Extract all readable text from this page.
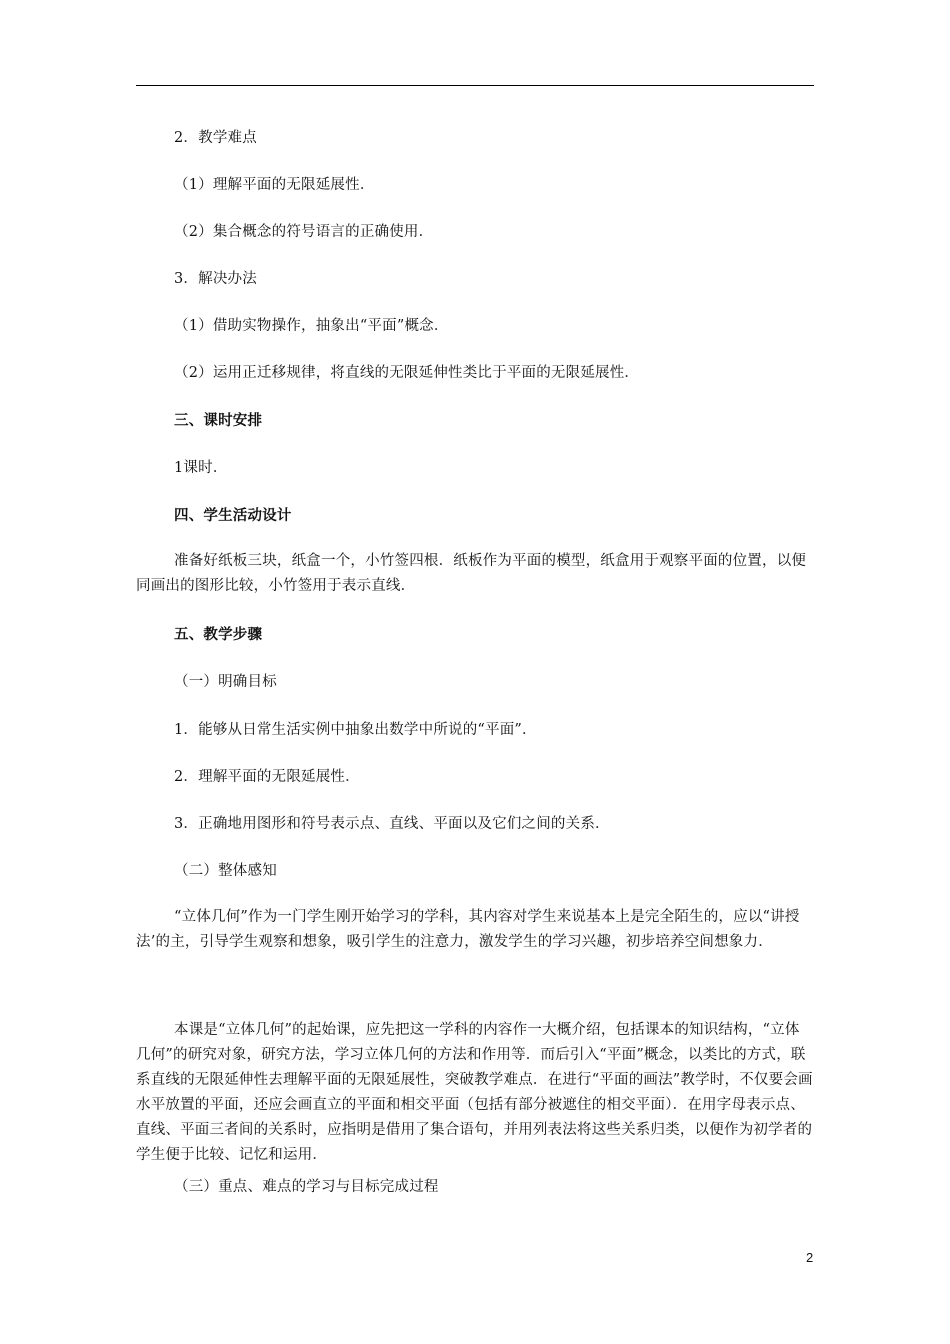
2．教学难点
（1）理解平面的无限延展性．
（2）集合概念的符号语言的正确使用．
3．解决办法
（1）借助实物操作，抽象出“平面”概念．
（2）运用正迁移规律，将直线的无限延伸性类比于平面的无限延展性．
三、课时安排
1课时．
四、学生活动设计

准备好纸板三块，纸盒一个，小竹签四根．纸板作为平面的模型，纸盒用于观察平面的位置，以便同画出的图形比较，小竹签用于表示直线．

五、教学步骤
（一）明确目标
1．能够从日常生活实例中抽象出数学中所说的“平面”．
2．理解平面的无限延展性．
3．正确地用图形和符号表示点、直线、平面以及它们之间的关系．
（二）整体感知

“立体几何”作为一门学生刚开始学习的学科，其内容对学生来说基本上是完全陌生的，应以“讲授法’的主，引导学生观察和想象，吸引学生的注意力，激发学生的学习兴趣，初步培养空间想象力．

本课是“立体几何”的起始课，应先把这一学科的内容作一大概介绍，包括课本的知识结构，“立体几何”的研究对象，研究方法，学习立体几何的方法和作用等．而后引入“平面”概念，以类比的方式，联系直线的无限延伸性去理解平面的无限延展性，突破教学难点．在进行“平面的画法”教学时，不仅要会画水平放置的平面，还应会画直立的平面和相交平面（包括有部分被遮住的相交平面）．在用字母表示点、直线、平面三者间的关系时，应指明是借用了集合语句，并用列表法将这些关系归类，以便作为初学者的学生便于比较、记忆和运用．

（三）重点、难点的学习与目标完成过程
2
